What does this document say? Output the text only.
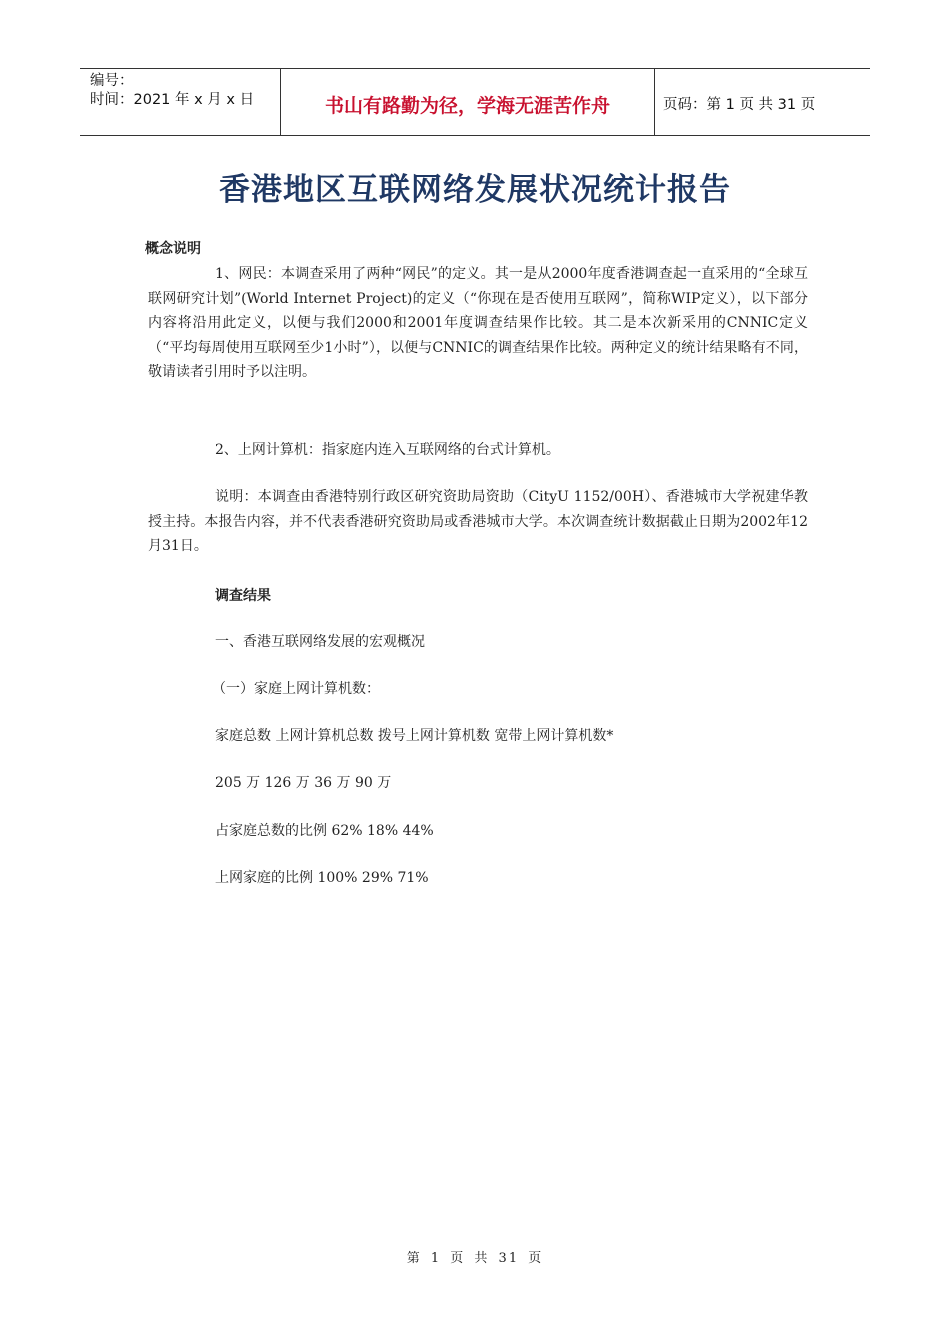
编号：
时间：2021 年 x 月 x 日	书山有路勤为径，学海无涯苦作舟	页码：第 1 页 共 31 页
香港地区互联网络发展状况统计报告
概念说明

1、网民：本调查采用了两种“网民”的定义。其一是从2000年度香港调查起一直采用的“全球互联网研究计划”(World Internet Project)的定义（“你现在是否使用互联网”，简称WIP定义），以下部分内容将沿用此定义，以便与我们2000和2001年度调查结果作比较。其二是本次新采用的CNNIC定义（“平均每周使用互联网至少1小时”），以便与CNNIC的调查结果作比较。两种定义的统计结果略有不同，敬请读者引用时予以注明。

2、上网计算机：指家庭内连入互联网络的台式计算机。

说明：本调查由香港特别行政区研究资助局资助（CityU 1152/00H）、香港城市大学祝建华教授主持。本报告内容，并不代表香港研究资助局或香港城市大学。本次调查统计数据截止日期为2002年12月31日。

调查结果
一、香港互联网络发展的宏观概况
（一）家庭上网计算机数：
家庭总数 上网计算机总数 拨号上网计算机数 宽带上网计算机数*
205 万 126 万 36 万 90 万
占家庭总数的比例 62% 18% 44%
上网家庭的比例 100% 29% 71%
第 1 页 共 31 页
